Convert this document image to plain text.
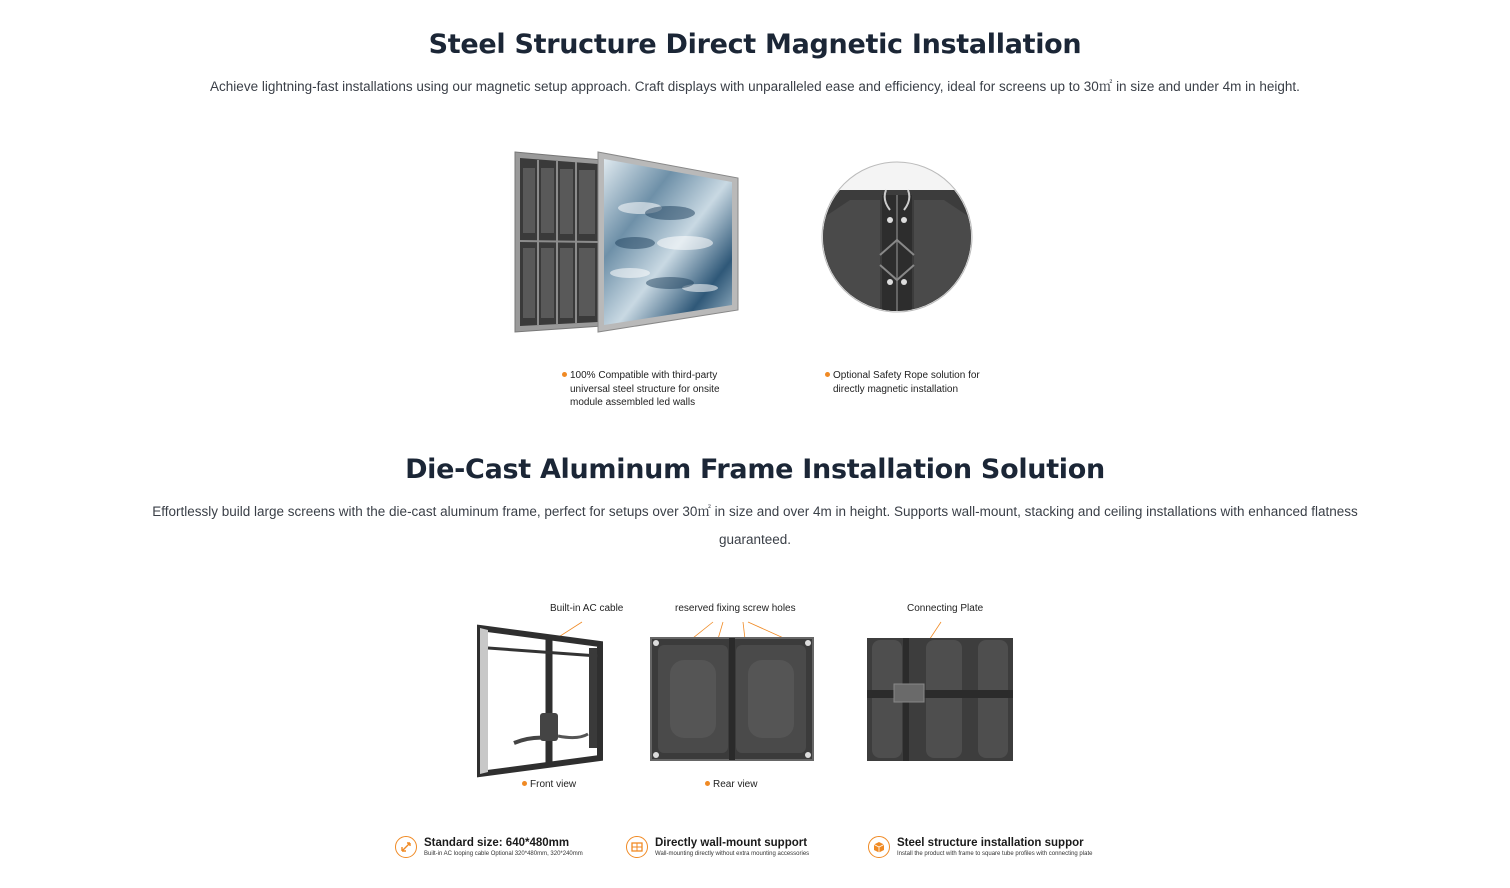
Steel Structure Direct Magnetic Installation

Achieve lightning-fast installations using our magnetic setup approach. Craft displays with unparalleled ease and efficiency, ideal for screens up to 30㎡ in size and under 4m in height.

100% Compatible with third-party
universal steel structure for onsite
module assembled led walls
Optional Safety Rope solution for
directly magnetic installation
Die-Cast Aluminum Frame Installation Solution

Effortlessly build large screens with the die-cast aluminum frame, perfect for setups over 30㎡ in size and over 4m in height. Supports wall-mount, stacking and ceiling installations with enhanced flatness
guaranteed.

Built-in AC cable	reserved fixing screw holes	Connecting Plate
Front view	Rear view
Standard size: 640*480mm
Built-in AC looping cable Optional 320*480mm, 320*240mm
Directly wall-mount support
Wall-mounting directly without extra mounting accessories
Steel structure installation suppor
Install the product with frame to square tube profiles with connecting plate
